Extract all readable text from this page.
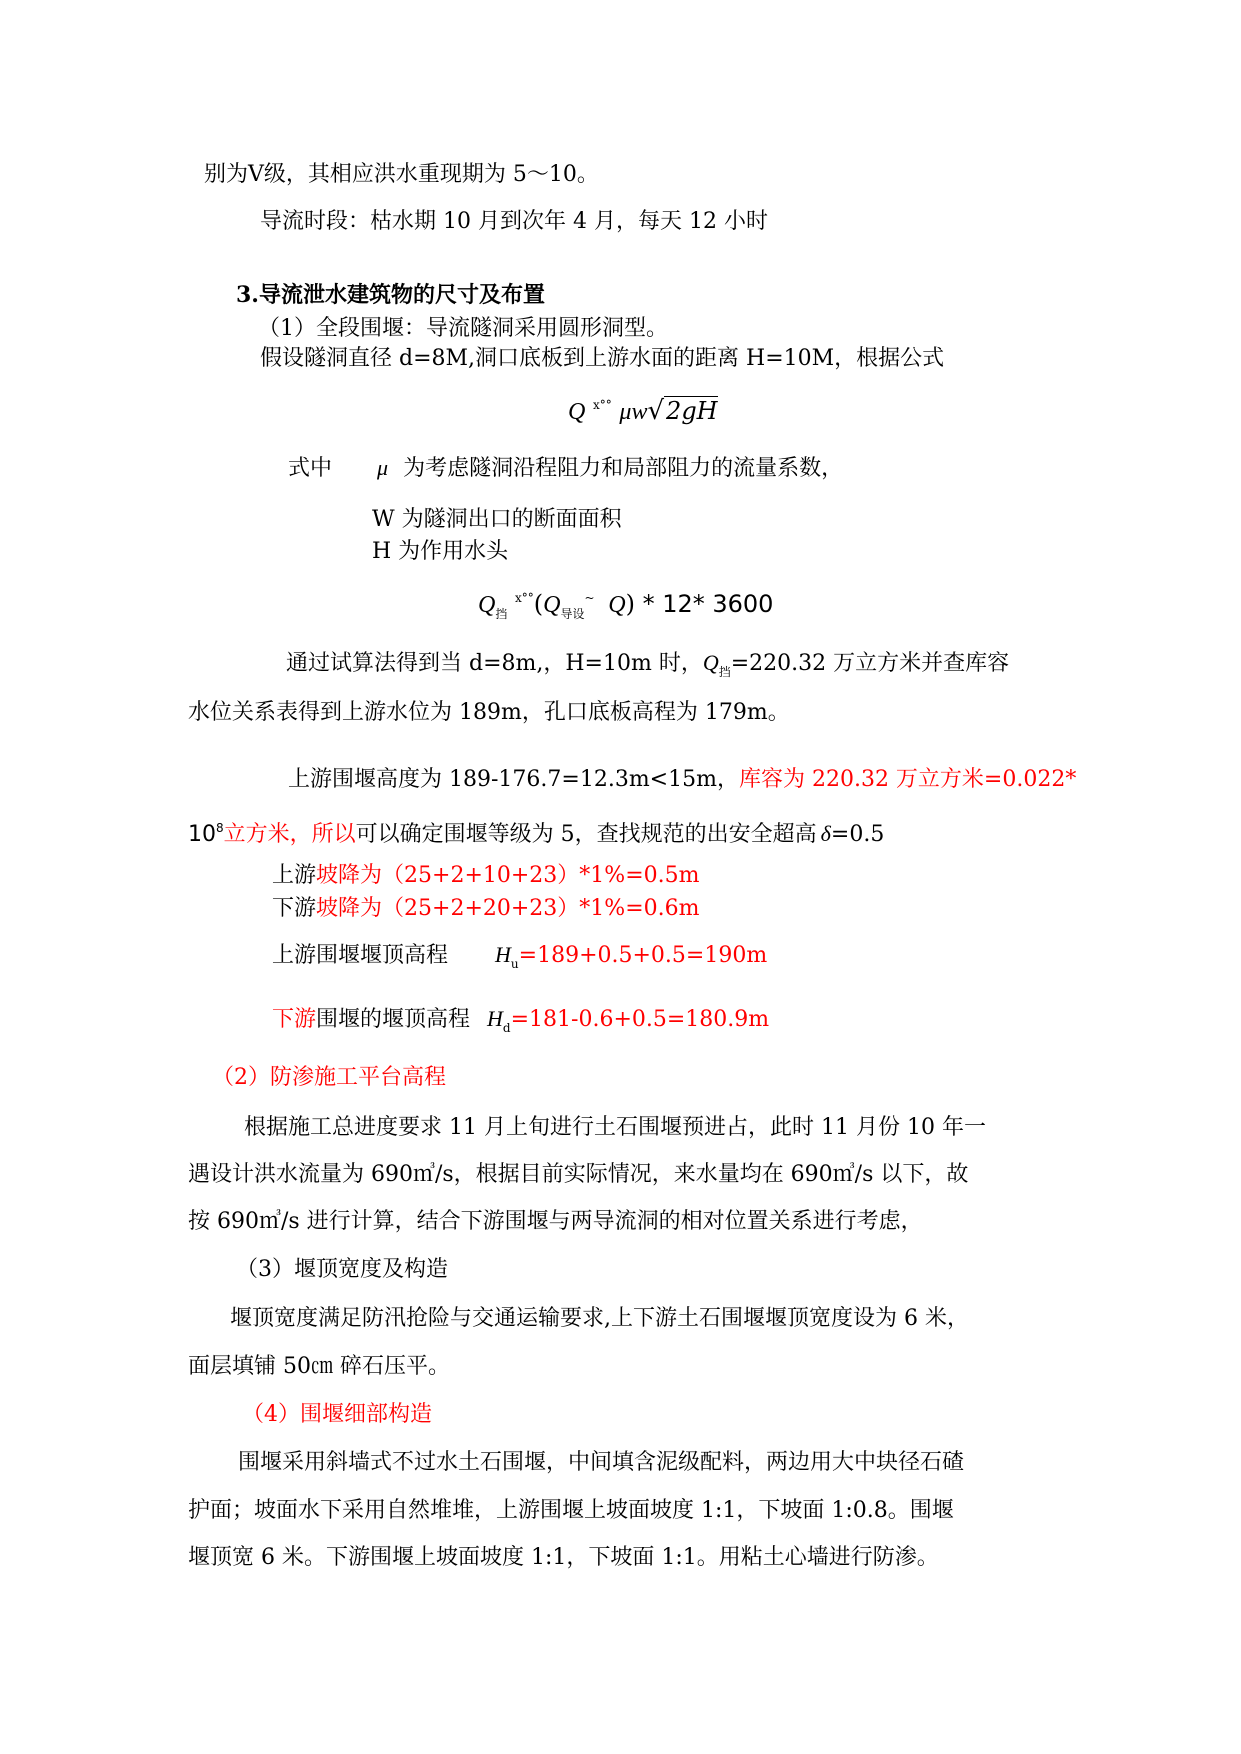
别为Ⅴ级，其相应洪水重现期为 5～10。
导流时段：枯水期 10 月到次年 4 月，每天 12 小时
3.导流泄水建筑物的尺寸及布置
（1）全段围堰：导流隧洞采用圆形洞型。
假设隧洞直径 d=8M,洞口底板到上游水面的距离 H=10M，根据公式
Q $^{x^\circ^\circ}$ μw√2gH
式中 μ 为考虑隧洞沿程阻力和局部阻力的流量系数，
W 为隧洞出口的断面面积
H 为作用水头
$Q_挡$ $^{x^\circ^\circ}(Q_{导设}^\sim$ Q) * 12* 3600
通过试算法得到当 d=8m,，H=10m 时，$Q_挡=220.32$ 万立方米并查库容
水位关系表得到上游水位为 189m，孔口底板高程为 179m。
上游围堰高度为 189-176.7=12.3m<15m，库容为 220.32 万立方米=0.022*
$10^8$立方米，所以可以确定围堰等级为 5，查找规范的出安全超高 δ=0.5
上游坡降为（25+2+10+23）*1%=0.5m
下游坡降为（25+2+20+23）*1%=0.6m
上游围堰堰顶高程 $H_u=189+0.5+0.5=190m$
下游围堰的堰顶高程 $H_d=181-0.6+0.5=180.9m$
（2）防渗施工平台高程
根据施工总进度要求 11 月上旬进行土石围堰预进占，此时 11 月份 10 年一
遇设计洪水流量为 690㎥/s，根据目前实际情况，来水量均在 690㎥/s 以下，故
按 690㎥/s 进行计算，结合下游围堰与两导流洞的相对位置关系进行考虑，
（3）堰顶宽度及构造
堰顶宽度满足防汛抢险与交通运输要求,上下游土石围堰堰顶宽度设为 6 米，
面层填铺 50㎝ 碎石压平。
（4）围堰细部构造
围堰采用斜墙式不过水土石围堰，中间填含泥级配料，两边用大中块径石碴
护面；坡面水下采用自然堆堆，上游围堰上坡面坡度 1:1，下坡面 1:0.8。围堰
堰顶宽 6 米。下游围堰上坡面坡度 1:1，下坡面 1:1。用粘土心墙进行防渗。
